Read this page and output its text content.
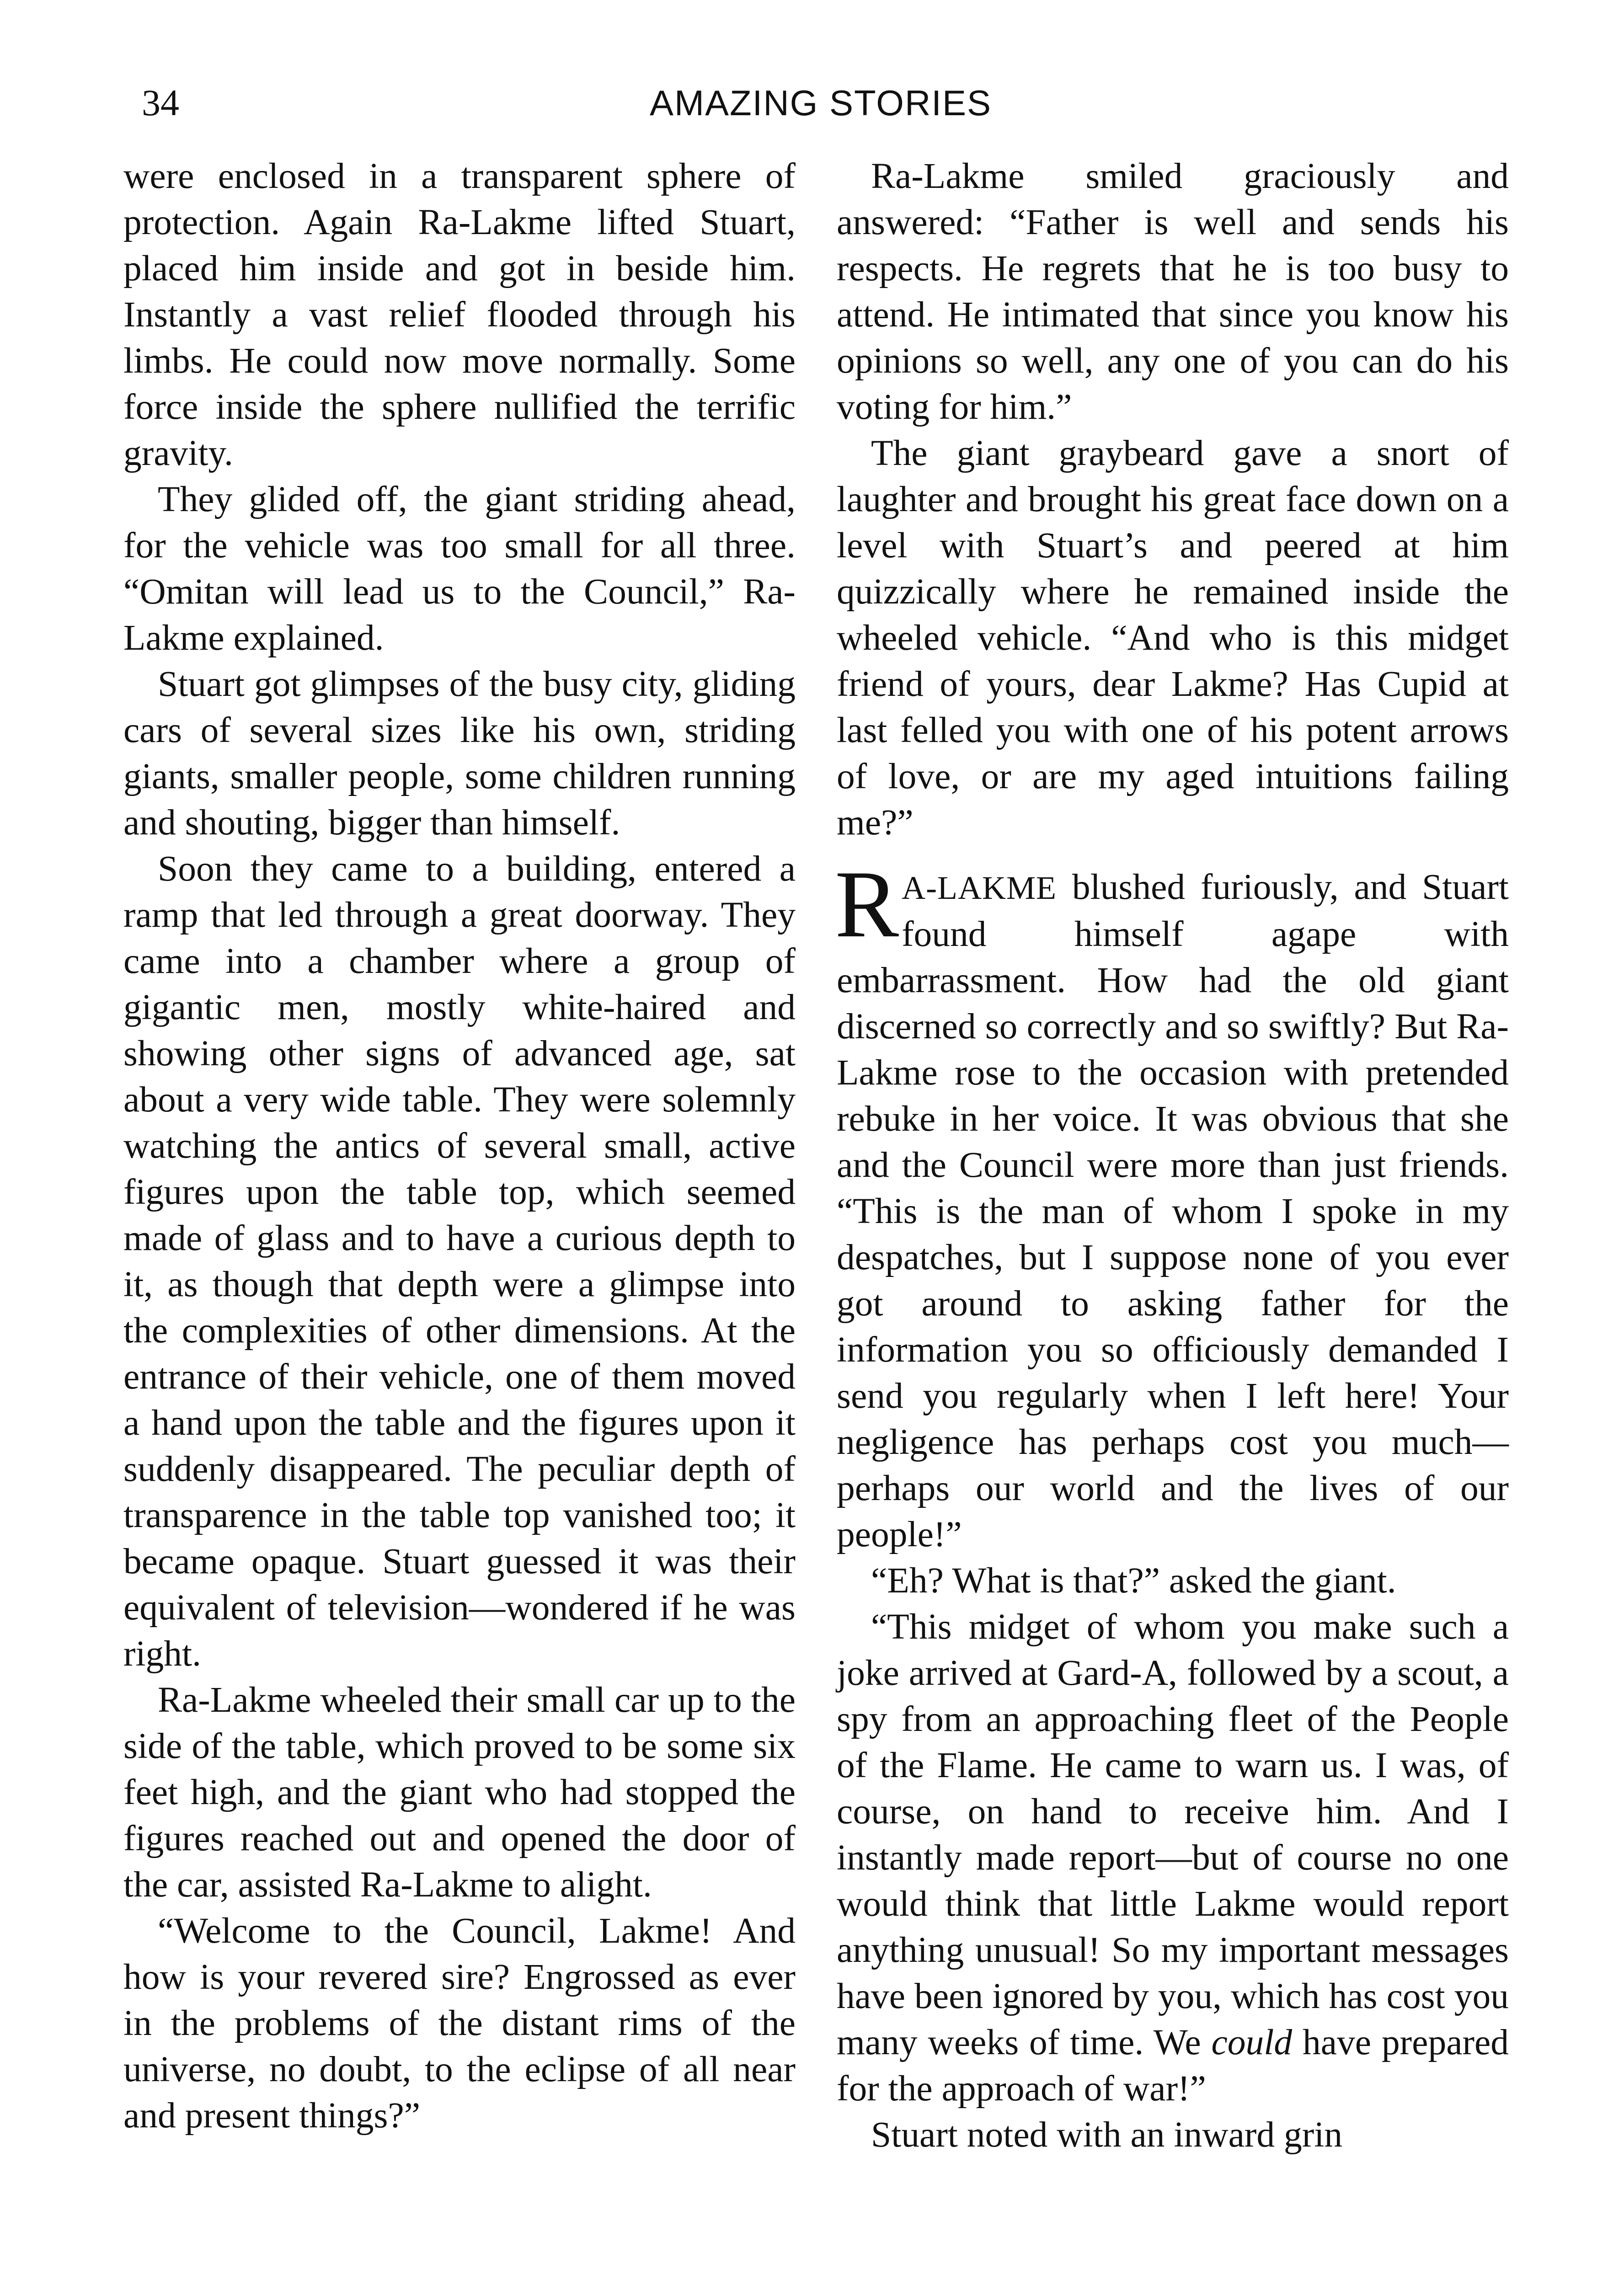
34	AMAZING STORIES

were enclosed in a transparent sphere of protection. Again Ra-Lakme lifted Stuart, placed him inside and got in beside him. Instantly a vast relief flooded through his limbs. He could now move normally. Some force inside the sphere nullified the terrific gravity.

They glided off, the giant striding ahead, for the vehicle was too small for all three. “Omitan will lead us to the Council,” Ra-Lakme explained.

Stuart got glimpses of the busy city, gliding cars of several sizes like his own, striding giants, smaller people, some children running and shouting, bigger than himself.

Soon they came to a building, entered a ramp that led through a great doorway. They came into a chamber where a group of gigantic men, mostly white-haired and showing other signs of advanced age, sat about a very wide table. They were solemnly watching the antics of several small, active figures upon the table top, which seemed made of glass and to have a curious depth to it, as though that depth were a glimpse into the complexities of other dimensions. At the entrance of their vehicle, one of them moved a hand upon the table and the figures upon it suddenly disappeared. The peculiar depth of transparence in the table top vanished too; it became opaque. Stuart guessed it was their equivalent of television—wondered if he was right.

Ra-Lakme wheeled their small car up to the side of the table, which proved to be some six feet high, and the giant who had stopped the figures reached out and opened the door of the car, assisted Ra-Lakme to alight.

“Welcome to the Council, Lakme! And how is your revered sire? Engrossed as ever in the problems of the distant rims of the universe, no doubt, to the eclipse of all near and present things?”

Ra-Lakme smiled graciously and answered: “Father is well and sends his respects. He regrets that he is too busy to attend. He intimated that since you know his opinions so well, any one of you can do his voting for him.”

The giant graybeard gave a snort of laughter and brought his great face down on a level with Stuart’s and peered at him quizzically where he remained inside the wheeled vehicle. “And who is this midget friend of yours, dear Lakme? Has Cupid at last felled you with one of his potent arrows of love, or are my aged intuitions failing me?”

R A-LAKME blushed furiously, and Stuart found himself agape with embarrassment. How had the old giant discerned so correctly and so swiftly? But Ra-Lakme rose to the occasion with pretended rebuke in her voice. It was obvious that she and the Council were more than just friends. “This is the man of whom I spoke in my despatches, but I suppose none of you ever got around to asking father for the information you so officiously demanded I send you regularly when I left here! Your negligence has perhaps cost you much—perhaps our world and the lives of our people!”

“Eh? What is that?” asked the giant.

“This midget of whom you make such a joke arrived at Gard-A, followed by a scout, a spy from an approaching fleet of the People of the Flame. He came to warn us. I was, of course, on hand to receive him. And I instantly made report—but of course no one would think that little Lakme would report anything unusual! So my important messages have been ignored by you, which has cost you many weeks of time. We could have prepared for the approach of war!”

Stuart noted with an inward grin
